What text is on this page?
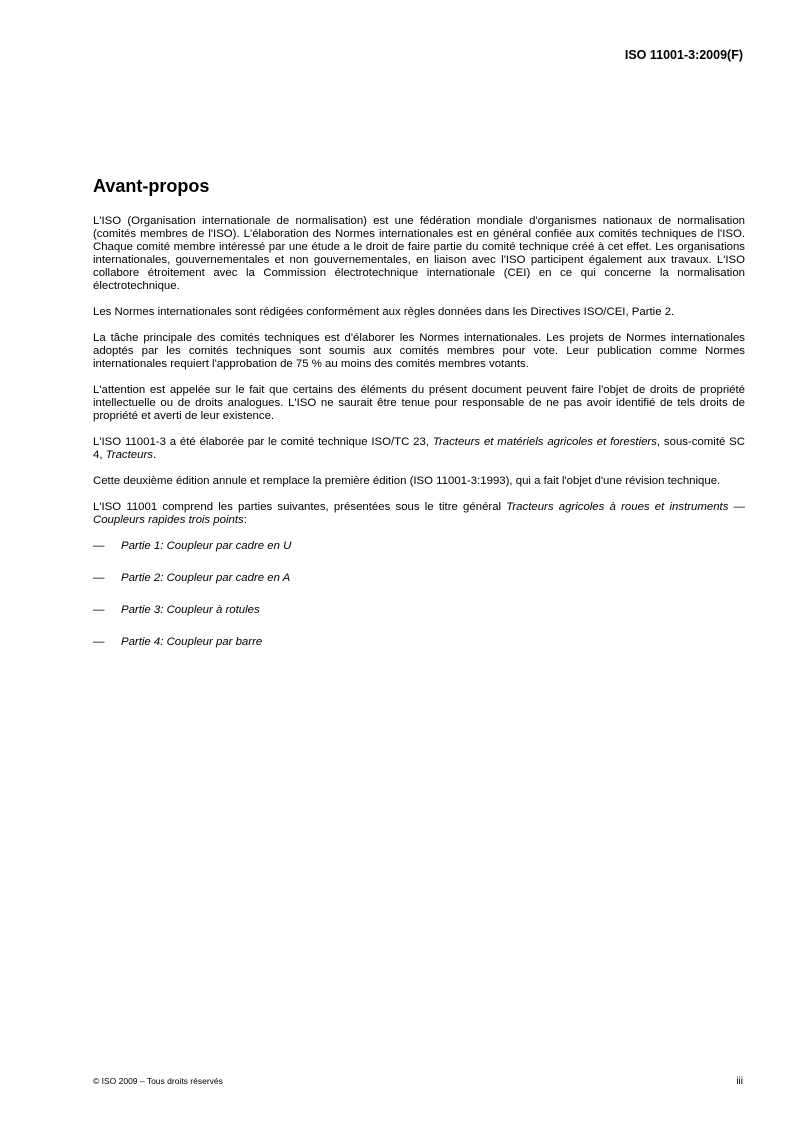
ISO 11001-3:2009(F)
Avant-propos

L'ISO (Organisation internationale de normalisation) est une fédération mondiale d'organismes nationaux de normalisation (comités membres de l'ISO). L'élaboration des Normes internationales est en général confiée aux comités techniques de l'ISO. Chaque comité membre intéressé par une étude a le droit de faire partie du comité technique créé à cet effet. Les organisations internationales, gouvernementales et non gouvernementales, en liaison avec l'ISO participent également aux travaux. L'ISO collabore étroitement avec la Commission électrotechnique internationale (CEI) en ce qui concerne la normalisation électrotechnique.

Les Normes internationales sont rédigées conformément aux règles données dans les Directives ISO/CEI, Partie 2.

La tâche principale des comités techniques est d'élaborer les Normes internationales. Les projets de Normes internationales adoptés par les comités techniques sont soumis aux comités membres pour vote. Leur publication comme Normes internationales requiert l'approbation de 75 % au moins des comités membres votants.

L'attention est appelée sur le fait que certains des éléments du présent document peuvent faire l'objet de droits de propriété intellectuelle ou de droits analogues. L'ISO ne saurait être tenue pour responsable de ne pas avoir identifié de tels droits de propriété et averti de leur existence.

L'ISO 11001-3 a été élaborée par le comité technique ISO/TC 23, Tracteurs et matériels agricoles et forestiers, sous-comité SC 4, Tracteurs.

Cette deuxième édition annule et remplace la première édition (ISO 11001-3:1993), qui a fait l'objet d'une révision technique.

L'ISO 11001 comprend les parties suivantes, présentées sous le titre général Tracteurs agricoles à roues et instruments — Coupleurs rapides trois points:

—	Partie 1: Coupleur par cadre en U
—	Partie 2: Coupleur par cadre en A
—	Partie 3: Coupleur à rotules
—	Partie 4: Coupleur par barre
© ISO 2009 – Tous droits réservés	iii
